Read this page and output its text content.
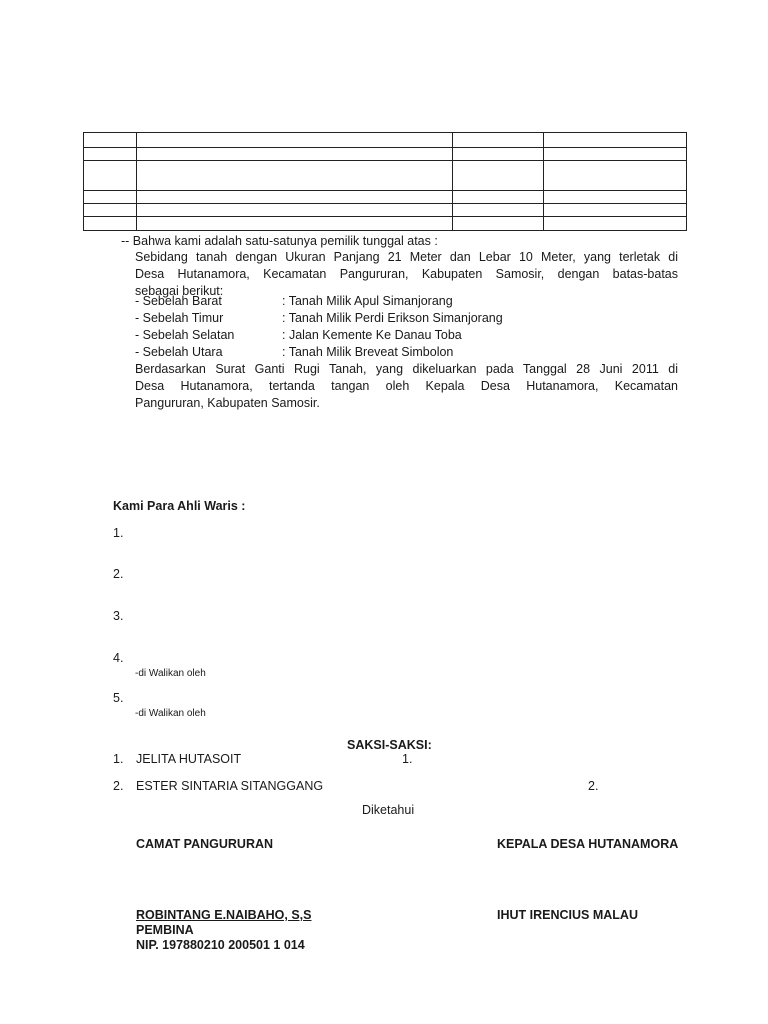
-- Bahwa kami adalah satu-satunya pemilik tunggal atas :
Sebidang tanah dengan Ukuran Panjang 21 Meter dan Lebar 10 Meter, yang terletak di
Desa Hutanamora, Kecamatan Pangururan, Kabupaten Samosir, dengan batas-batas
sebagai berikut:
- Sebelah Barat	: Tanah Milik Apul Simanjorang
- Sebelah Timur	: Tanah Milik Perdi Erikson Simanjorang
- Sebelah Selatan	: Jalan Kemente Ke Danau Toba
- Sebelah Utara	: Tanah Milik Breveat Simbolon
Berdasarkan Surat Ganti Rugi Tanah, yang dikeluarkan pada Tanggal 28 Juni 2011 di
Desa Hutanamora, tertanda tangan oleh Kepala Desa Hutanamora, Kecamatan
Pangururan, Kabupaten Samosir.
Kami Para Ahli Waris :
1.
2.
3.
4.
-di Walikan oleh
5.
-di Walikan oleh
SAKSI-SAKSI:
1. JELITA HUTASOIT	1.
2. ESTER SINTARIA SITANGGANG	2.
Diketahui
CAMAT PANGURURAN	KEPALA DESA HUTANAMORA
ROBINTANG E.NAIBAHO, S,S	IHUT IRENCIUS MALAU
PEMBINA
NIP. 197880210 200501 1 014
